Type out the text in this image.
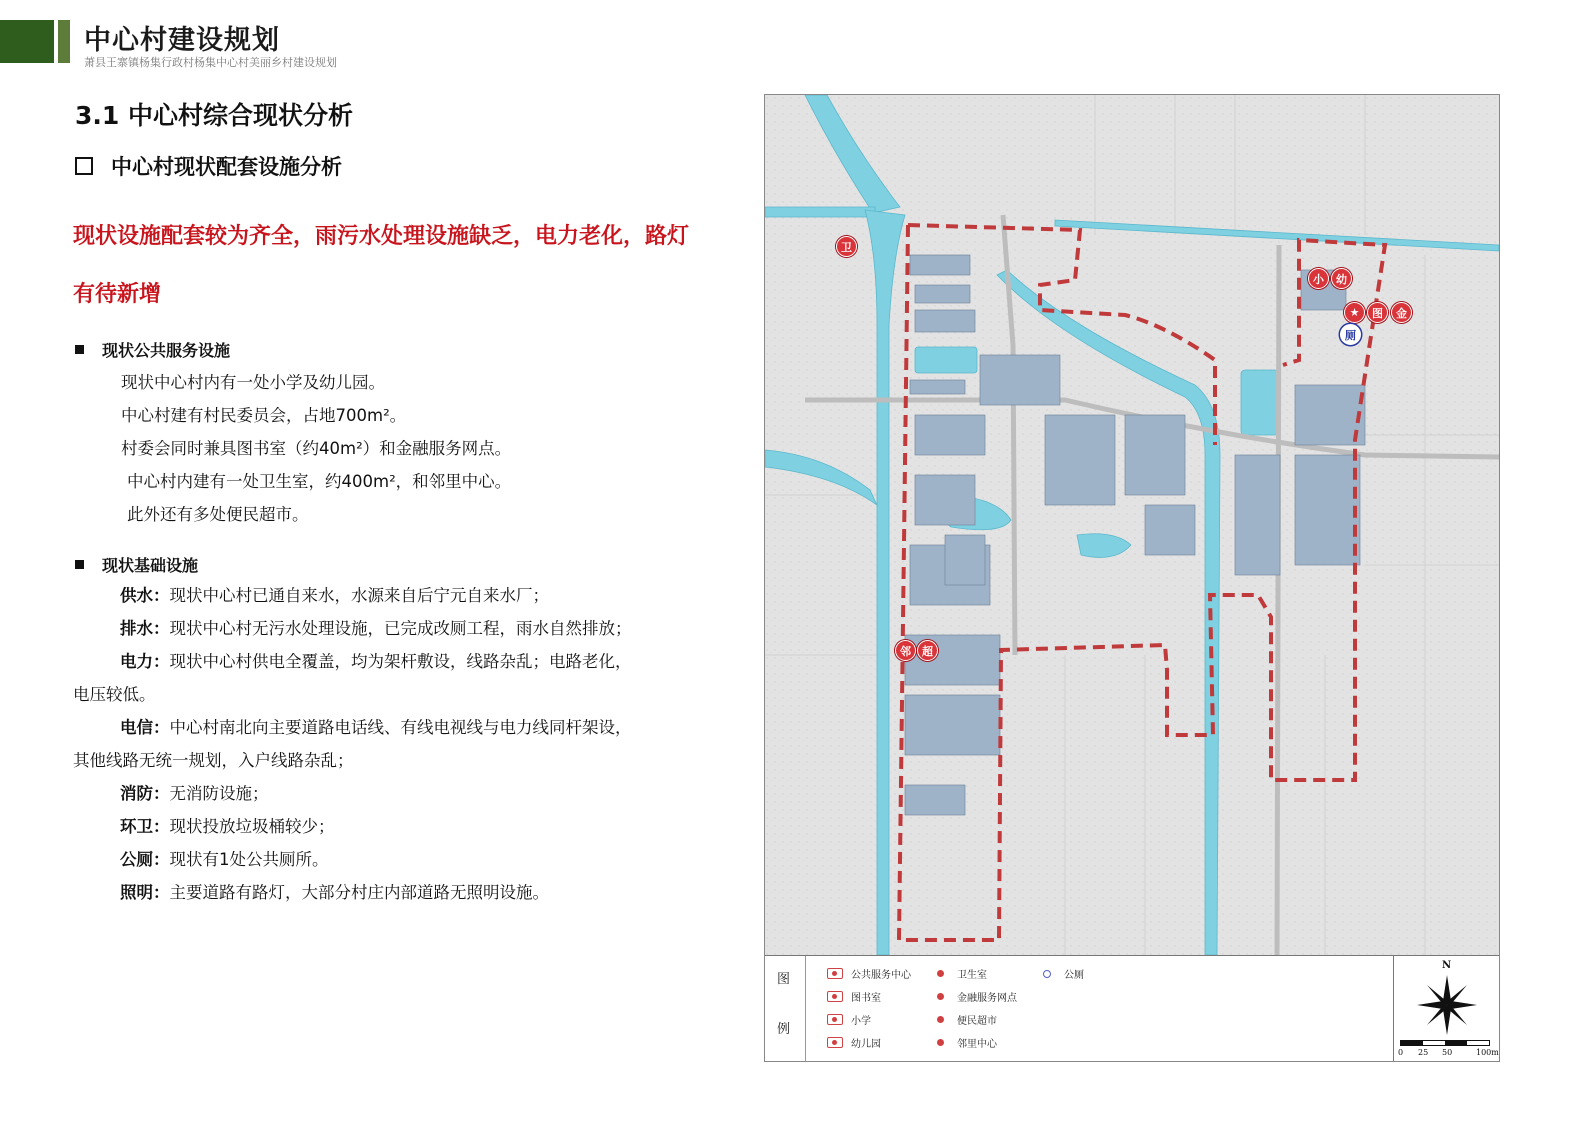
中心村建设规划
萧县王寨镇杨集行政村杨集中心村美丽乡村建设规划
3.1 中心村综合现状分析
中心村现状配套设施分析
现状设施配套较为齐全，雨污水处理设施缺乏，电力老化，路灯
有待新增
现状公共服务设施
现状中心村内有一处小学及幼儿园。
中心村建有村民委员会，占地700m²。
村委会同时兼具图书室（约40m²）和金融服务网点。
中心村内建有一处卫生室，约400m²，和邻里中心。
此外还有多处便民超市。
现状基础设施
供水：现状中心村已通自来水，水源来自后宁元自来水厂；
排水：现状中心村无污水处理设施，已完成改厕工程，雨水自然排放；
电力：现状中心村供电全覆盖，均为架杆敷设，线路杂乱；电路老化，
电压较低。
电信：中心村南北向主要道路电话线、有线电视线与电力线同杆架设，
其他线路无统一规划，入户线路杂乱；
消防：无消防设施；
环卫：现状投放垃圾桶较少；
公厕：现状有1处公共厕所。
照明：主要道路有路灯，大部分村庄内部道路无照明设施。
卫
小	幼
★	图	金
厕
邻	超
图
例
公共服务中心	卫生室	公厕
图书室	金融服务网点
小学	便民超市
幼儿园	邻里中心
N
0 25 50	100m
